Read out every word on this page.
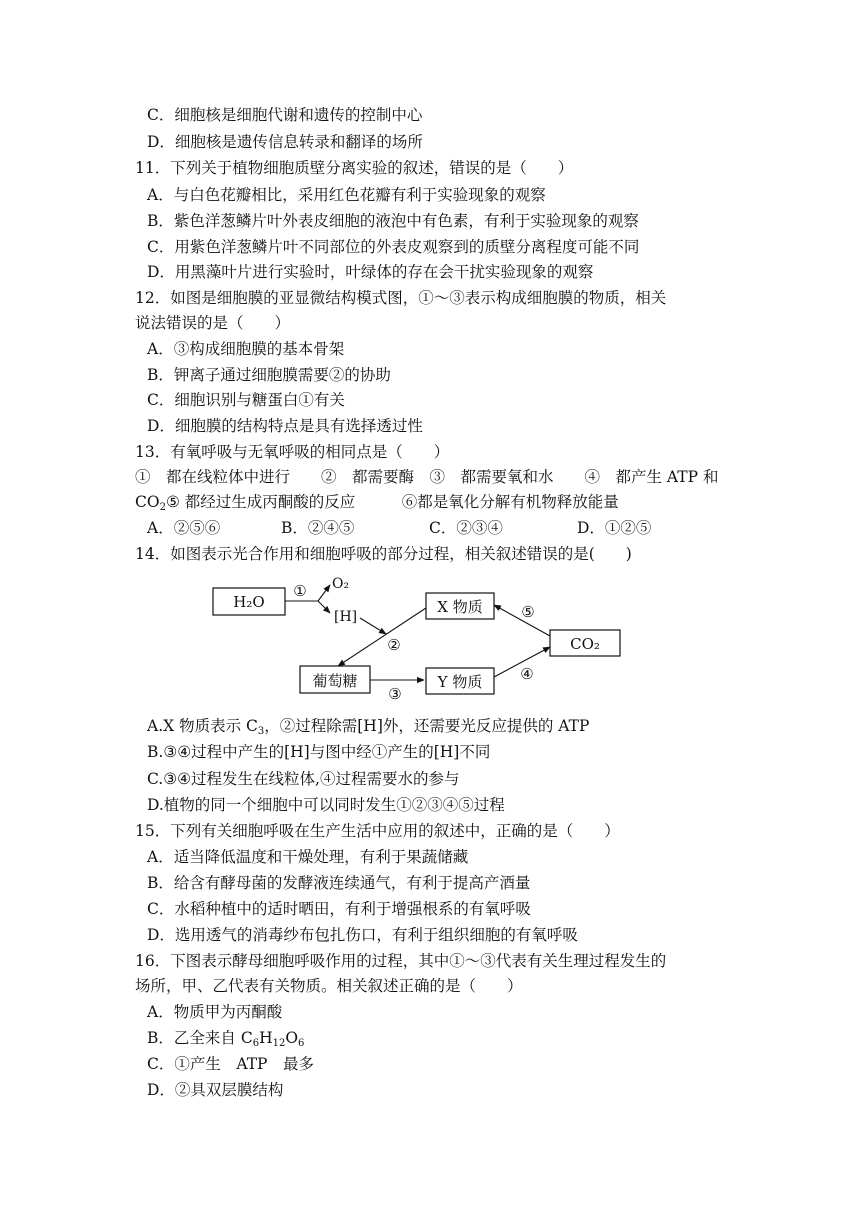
C．细胞核是细胞代谢和遗传的控制中心
D．细胞核是遗传信息转录和翻译的场所
11．下列关于植物细胞质壁分离实验的叙述，错误的是（　　）
A．与白色花瓣相比，采用红色花瓣有利于实验现象的观察
B．紫色洋葱鳞片叶外表皮细胞的液泡中有色素，有利于实验现象的观察
C．用紫色洋葱鳞片叶不同部位的外表皮观察到的质壁分离程度可能不同
D．用黑藻叶片进行实验时，叶绿体的存在会干扰实验现象的观察
12．如图是细胞膜的亚显微结构模式图，①～③表示构成细胞膜的物质，相关
说法错误的是（　　）
A．③构成细胞膜的基本骨架
B．钾离子通过细胞膜需要②的协助
C．细胞识别与糖蛋白①有关
D．细胞膜的结构特点是具有选择透过性
13．有氧呼吸与无氧呼吸的相同点是（　　）
①　都在线粒体中进行　　②　都需要酶　③　都需要氧和水　　④　都产生 ATP 和
$CO_2⑤$ 都经过生成丙酮酸的反应　　　⑥都是氧化分解有机物释放能量
A．②⑤⑥	B．②④⑤	C．②③④	D．①②⑤
14．如图表示光合作用和细胞呼吸的部分过程，相关叙述错误的是(　　)
H₂O	X 物质
CO₂
葡萄糖	Y 物质
① O₂
[H]
②
③
④
⑤
A.X 物质表示 $C_3$，②过程除需[H]外，还需要光反应提供的 ATP
B.③④过程中产生的[H]与图中经①产生的[H]不同
C.③④过程发生在线粒体,④过程需要水的参与
D.植物的同一个细胞中可以同时发生①②③④⑤过程
15．下列有关细胞呼吸在生产生活中应用的叙述中，正确的是（　　）
A．适当降低温度和干燥处理，有利于果蔬储藏
B．给含有酵母菌的发酵液连续通气，有利于提高产酒量
C．水稻种植中的适时晒田，有利于增强根系的有氧呼吸
D．选用透气的消毒纱布包扎伤口，有利于组织细胞的有氧呼吸
16．下图表示酵母细胞呼吸作用的过程，其中①～③代表有关生理过程发生的
场所，甲、乙代表有关物质。相关叙述正确的是（　　）
A．物质甲为丙酮酸
B．乙全来自 $C_6H_{12}O_6$
C．①产生　ATP　最多
D．②具双层膜结构
